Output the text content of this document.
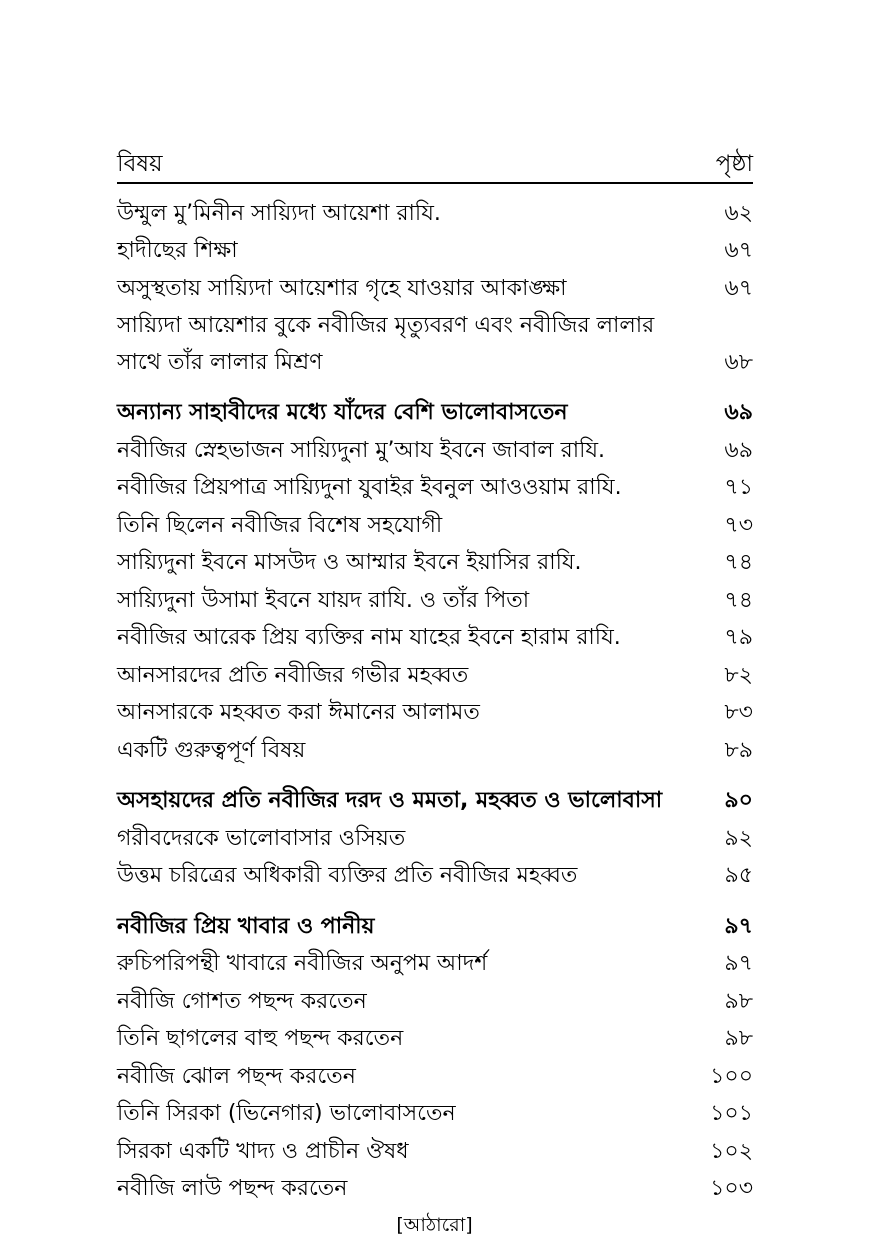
বিষয়	পৃষ্ঠা
উম্মুল মু’মিনীন সায়্যিদা আয়েশা রাযি.	৬২
হাদীছের শিক্ষা	৬৭
অসুস্থতায় সায়্যিদা আয়েশার গৃহে যাওয়ার আকাঙ্ক্ষা	৬৭
সায়্যিদা আয়েশার বুকে নবীজির মৃত্যুবরণ এবং নবীজির লালার
সাথে তাঁর লালার মিশ্রণ	৬৮
অন্যান্য সাহাবীদের মধ্যে যাঁদের বেশি ভালোবাসতেন	৬৯
নবীজির স্নেহভাজন সায়্যিদুনা মু’আয ইবনে জাবাল রাযি.	৬৯
নবীজির প্রিয়পাত্র সায়্যিদুনা যুবাইর ইবনুল আওওয়াম রাযি.	৭১
তিনি ছিলেন নবীজির বিশেষ সহযোগী	৭৩
সায়্যিদুনা ইবনে মাসউদ ও আম্মার ইবনে ইয়াসির রাযি.	৭৪
সায়্যিদুনা উসামা ইবনে যায়দ রাযি. ও তাঁর পিতা	৭৪
নবীজির আরেক প্রিয় ব্যক্তির নাম যাহের ইবনে হারাম রাযি.	৭৯
আনসারদের প্রতি নবীজির গভীর মহব্বত	৮২
আনসারকে মহব্বত করা ঈমানের আলামত	৮৩
একটি গুরুত্বপূর্ণ বিষয়	৮৯
অসহায়দের প্রতি নবীজির দরদ ও মমতা, মহব্বত ও ভালোবাসা	৯০
গরীবদেরকে ভালোবাসার ওসিয়ত	৯২
উত্তম চরিত্রের অধিকারী ব্যক্তির প্রতি নবীজির মহব্বত	৯৫
নবীজির প্রিয় খাবার ও পানীয়	৯৭
রুচিপরিপন্থী খাবারে নবীজির অনুপম আদর্শ	৯৭
নবীজি গোশত পছন্দ করতেন	৯৮
তিনি ছাগলের বাহু পছন্দ করতেন	৯৮
নবীজি ঝোল পছন্দ করতেন	১০০
তিনি সিরকা (ভিনেগার) ভালোবাসতেন	১০১
সিরকা একটি খাদ্য ও প্রাচীন ঔষধ	১০২
নবীজি লাউ পছন্দ করতেন	১০৩
[আঠারো]
